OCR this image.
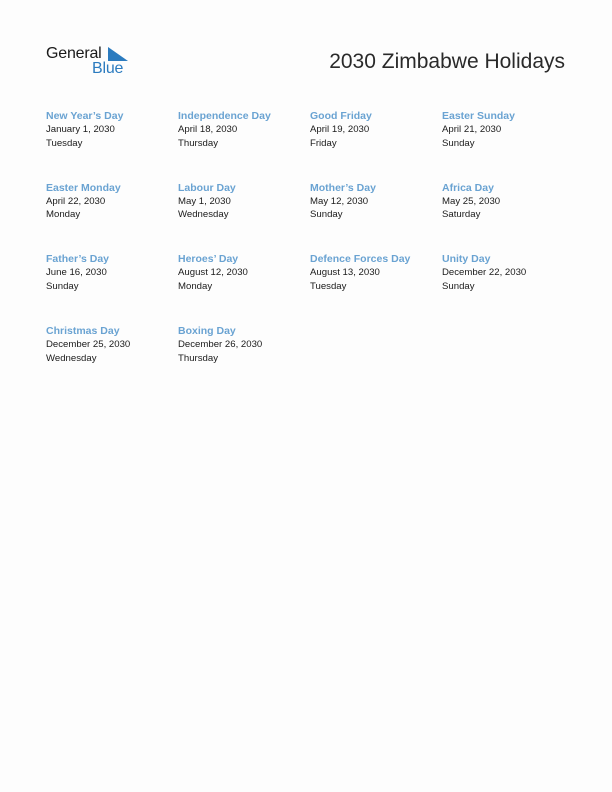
General
Blue	2030 Zimbabwe Holidays
New Year’s Day
January 1, 2030
Tuesday
Independence Day
April 18, 2030
Thursday
Good Friday
April 19, 2030
Friday
Easter Sunday
April 21, 2030
Sunday
Easter Monday
April 22, 2030
Monday
Labour Day
May 1, 2030
Wednesday
Mother’s Day
May 12, 2030
Sunday
Africa Day
May 25, 2030
Saturday
Father’s Day
June 16, 2030
Sunday
Heroes’ Day
August 12, 2030
Monday
Defence Forces Day
August 13, 2030
Tuesday
Unity Day
December 22, 2030
Sunday
Christmas Day
December 25, 2030
Wednesday
Boxing Day
December 26, 2030
Thursday
